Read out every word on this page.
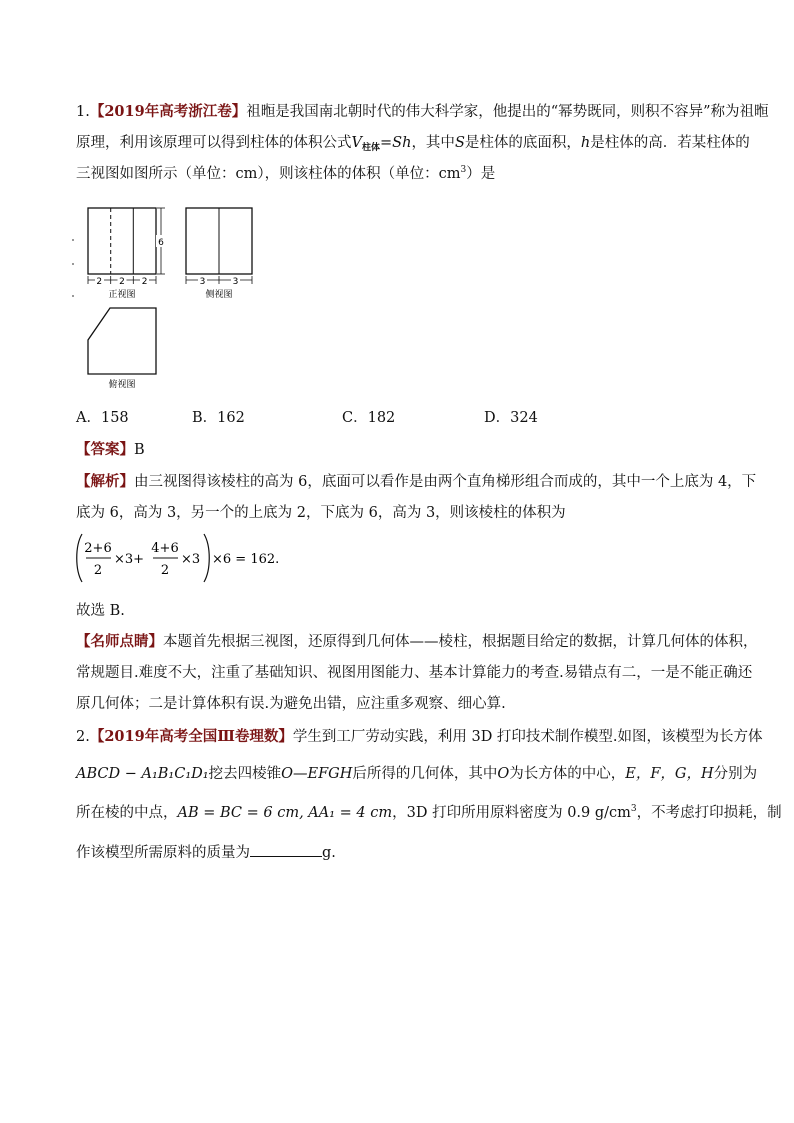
1.【2019年高考浙江卷】祖暅是我国南北朝时代的伟大科学家，他提出的“幂势既同，则积不容异”称为祖暅
原理，利用该原理可以得到柱体的体积公式$V_{柱体}=Sh$，其中S是柱体的底面积，h是柱体的高．若某柱体的
三视图如图所示（单位：cm），则该柱体的体积（单位：$cm^3$）是
6
2 2 2
正视图
3	3
侧视图
俯视图
A．158	B．162	C．182	D．324
【答案】B
【解析】由三视图得该棱柱的高为 6，底面可以看作是由两个直角梯形组合而成的，其中一个上底为 4，下
底为 6，高为 3，另一个的上底为 2，下底为 6，高为 3，则该棱柱的体积为
2+6
2
×3+
4+6
2
×3 ×6 = 162.
故选 B.
【名师点睛】本题首先根据三视图，还原得到几何体——棱柱，根据题目给定的数据，计算几何体的体积，
常规题目.难度不大，注重了基础知识、视图用图能力、基本计算能力的考查.易错点有二，一是不能正确还
原几何体；二是计算体积有误.为避免出错，应注重多观察、细心算.
2.【2019年高考全国Ⅲ卷理数】学生到工厂劳动实践，利用 3D 打印技术制作模型.如图，该模型为长方体
ABCD − A₁B₁C₁D₁挖去四棱锥O—EFGH后所得的几何体，其中O为长方体的中心，E，F，G，H分别为
所在棱的中点，AB = BC = 6 cm, AA₁ = 4 cm，3D 打印所用原料密度为 0.9 $g/cm^3$，不考虑打印损耗，制
作该模型所需原料的质量为	g.
